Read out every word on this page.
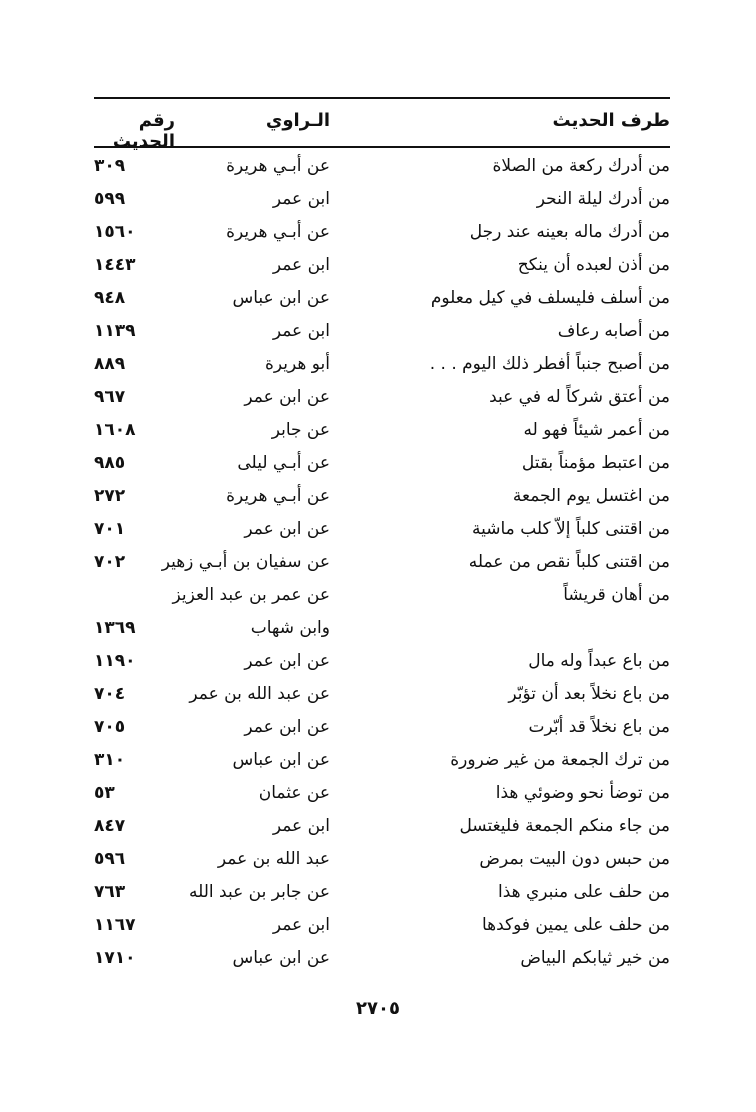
طرف الحديث
الـراوي
رقم الحديث
من أدرك ركعة من الصلاة
عن أبـي هريرة
٣٠٩
من أدرك ليلة النحر
ابن عمر
٥٩٩
من أدرك ماله بعينه عند رجل
عن أبـي هريرة
١٥٦٠
من أذن لعبده أن ينكح
ابن عمر
١٤٤٣
من أسلف فليسلف في كيل معلوم
عن ابن عباس
٩٤٨
من أصابه رعاف
ابن عمر
١١٣٩
من أصبح جنباً أفطر ذلك اليوم . . .
أبو هريرة
٨٨٩
من أعتق شركاً له في عبد
عن ابن عمر
٩٦٧
من أعمر شيئاً فهو له
عن جابر
١٦٠٨
من اعتبط مؤمناً بقتل
عن أبـي ليلى
٩٨٥
من اغتسل يوم الجمعة
عن أبـي هريرة
٢٧٢
من اقتنى كلباً إلاّ كلب ماشية
عن ابن عمر
٧٠١
من اقتنى كلباً نقص من عمله
عن سفيان بن أبـي زهير
٧٠٢
من أهان قريشاً
عن عمر بن عبد العزيز
وابن شهاب
١٣٦٩
من باع عبداً وله مال
عن ابن عمر
١١٩٠
من باع نخلاً بعد أن تؤبّر
عن عبد الله بن عمر
٧٠٤
من باع نخلاً قد أبّرت
عن ابن عمر
٧٠٥
من ترك الجمعة من غير ضرورة
عن ابن عباس
٣١٠
من توضأ نحو وضوئي هذا
عن عثمان
٥٣
من جاء منكم الجمعة فليغتسل
ابن عمر
٨٤٧
من حبس دون البيت بمرض
عبد الله بن عمر
٥٩٦
من حلف على منبري هذا
عن جابر بن عبد الله
٧٦٣
من حلف على يمين فوكدها
ابن عمر
١١٦٧
من خير ثيابكم البياض
عن ابن عباس
١٧١٠
٢٧٠٥
